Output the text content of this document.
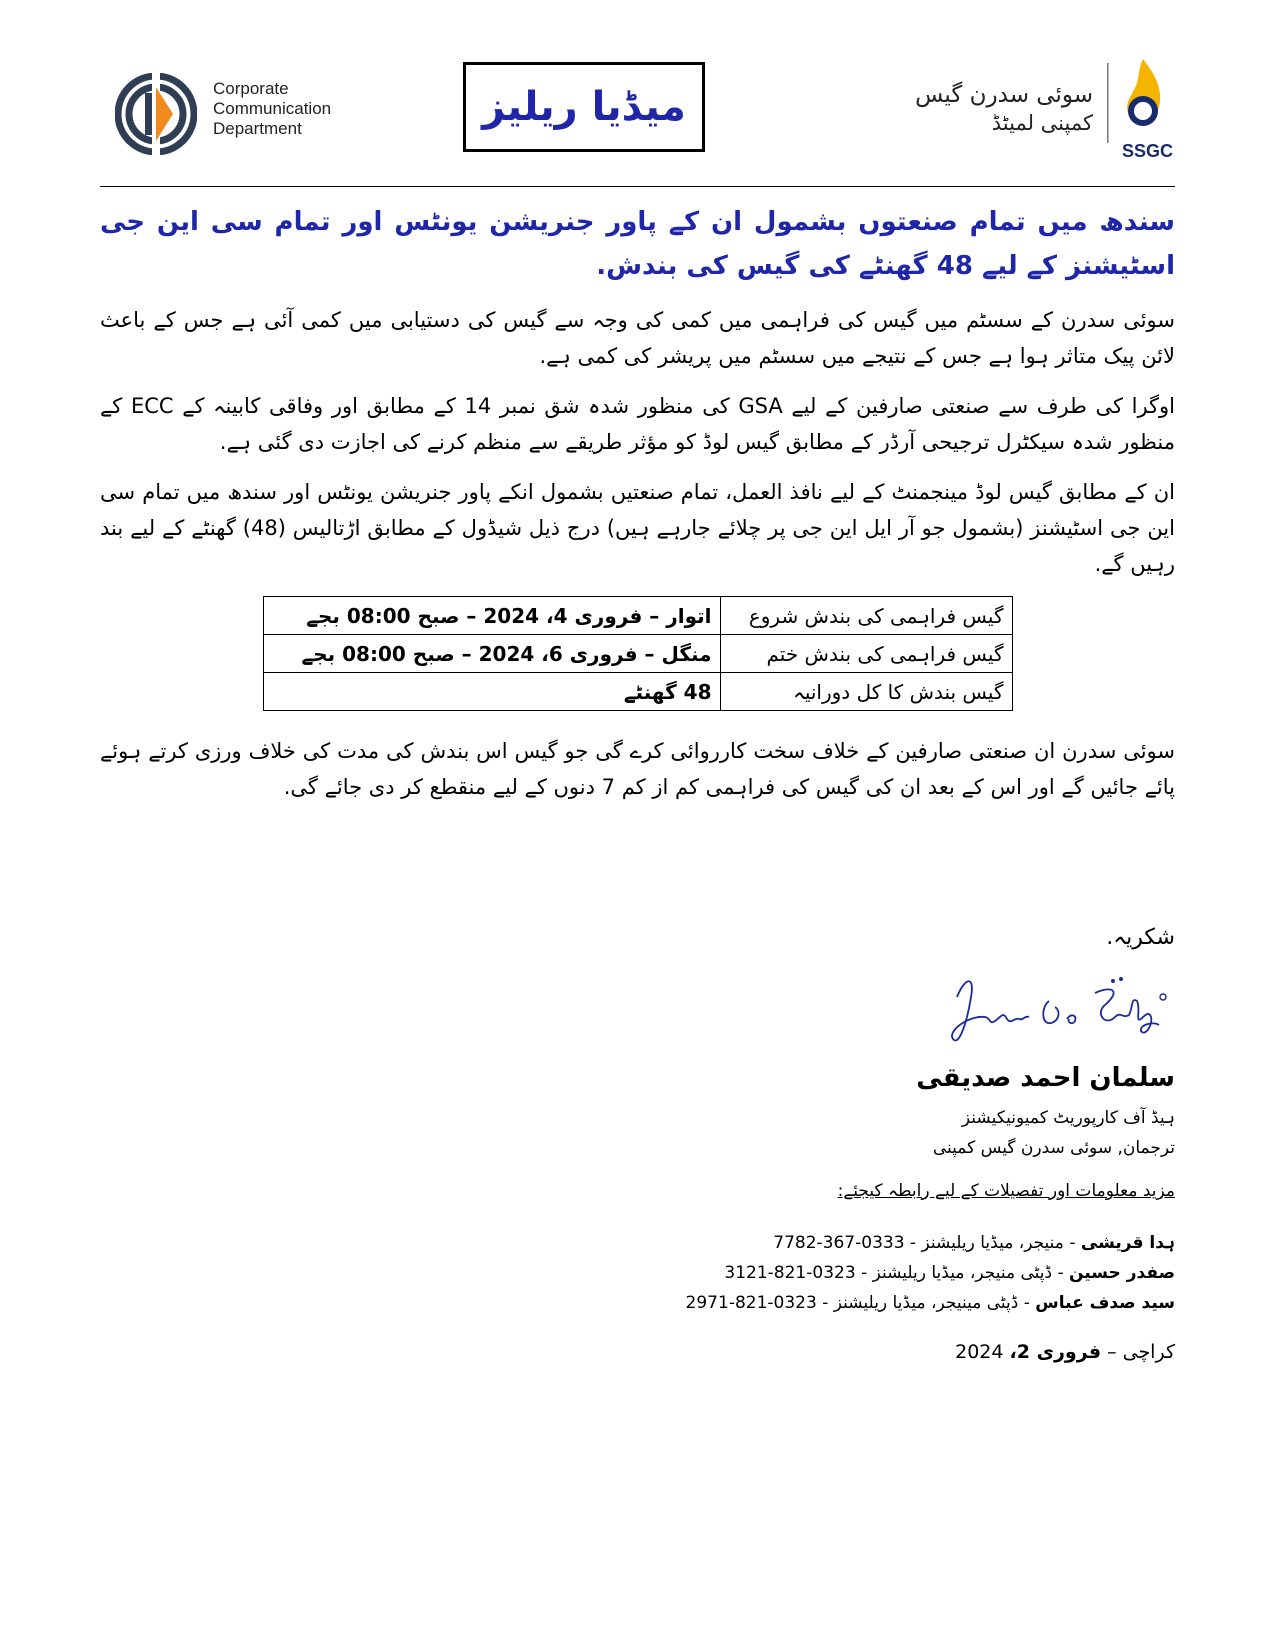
Corporate
Communication
Department	میڈیا ریلیز	سوئی سدرن گیس
کمپنی لمیٹڈ
SSGC

سندھ میں تمام صنعتوں بشمول ان کے پاور جنریشن یونٹس اور تمام سی این جی اسٹیشنز کے لیے 48 گھنٹے کی گیس کی بندش.

سوئی سدرن کے سسٹم میں گیس کی فراہمی میں کمی کی وجہ سے گیس کی دستیابی میں کمی آئی ہے جس کے باعث لائن پیک متاثر ہوا ہے جس کے نتیجے میں سسٹم میں پریشر کی کمی ہے.

اوگرا کی طرف سے صنعتی صارفین کے لیے GSA کی منظور شدہ شق نمبر 14 کے مطابق اور وفاقی کابینہ کے ECC کے منظور شدہ سیکٹرل ترجیحی آرڈر کے مطابق گیس لوڈ کو مؤثر طریقے سے منظم کرنے کی اجازت دی گئی ہے.

ان کے مطابق گیس لوڈ مینجمنٹ کے لیے نافذ العمل، تمام صنعتیں بشمول انکے پاور جنریشن یونٹس اور سندھ میں تمام سی این جی اسٹیشنز (بشمول جو آر ایل این جی پر چلائے جارہے ہیں) درج ذیل شیڈول کے مطابق اڑتالیس (48) گھنٹے کے لیے بند رہیں گے.

گیس فراہمی کی بندش شروع	اتوار – فروری 4، 2024 – صبح 08:00 بجے
گیس فراہمی کی بندش ختم	منگل – فروری 6، 2024 – صبح 08:00 بجے
گیس بندش کا کل دورانیہ	48 گھنٹے

سوئی سدرن ان صنعتی صارفین کے خلاف سخت کارروائی کرے گی جو گیس اس بندش کی مدت کی خلاف ورزی کرتے ہوئے پائے جائیں گے اور اس کے بعد ان کی گیس کی فراہمی کم از کم 7 دنوں کے لیے منقطع کر دی جائے گی.

شکریہ.

سلمان احمد صدیقی
ہیڈ آف کارپوریٹ کمیونیکیشنز
ترجمان, سوئی سدرن گیس کمپنی
مزید معلومات اور تفصیلات کے لیے رابطہ کیجئے:
ہدا قریشی - منیجر، میڈیا ریلیشنز - 0333-367-7782
صفدر حسین - ڈپٹی منیجر، میڈیا ریلیشنز - 0323-821-3121
سید صدف عباس - ڈپٹی مینیجر، میڈیا ریلیشنز - 0323-821-2971
کراچی – فروری 2، 2024
